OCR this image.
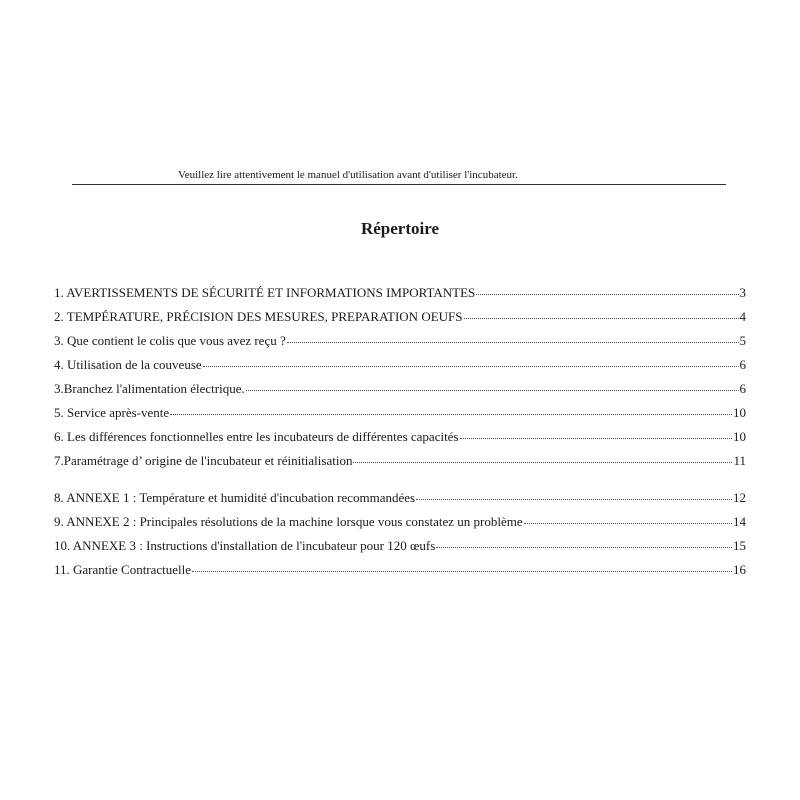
Veuillez lire attentivement le manuel d'utilisation avant d'utiliser l'incubateur.
Répertoire
1. AVERTISSEMENTS DE SÉCURITÉ ET INFORMATIONS IMPORTANTES	3
2. TEMPÉRATURE, PRÉCISION DES MESURES, PREPARATION OEUFS	4
3. Que contient le colis que vous avez reçu ?	5
4. Utilisation de la couveuse	6
3.Branchez l'alimentation électrique.	6
5. Service après-vente	10
6. Les différences fonctionnelles entre les incubateurs de différentes capacités	10
7.Paramétrage d’ origine de l'incubateur et réinitialisation	11
8. ANNEXE 1 : Température et humidité d'incubation recommandées	12
9. ANNEXE 2 : Principales résolutions de la machine lorsque vous constatez un problème	14
10. ANNEXE 3 : Instructions d'installation de l'incubateur pour 120 œufs	15
11. Garantie Contractuelle	16
